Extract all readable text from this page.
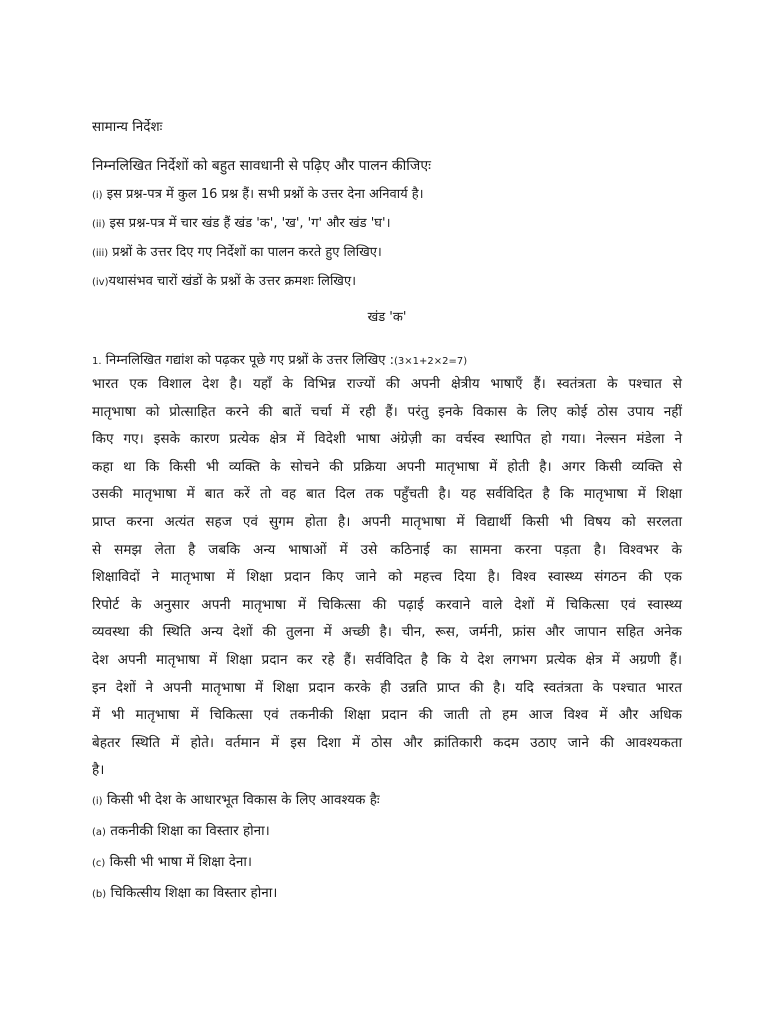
सामान्य निर्देशः
निम्नलिखित निर्देशों को बहुत सावधानी से पढ़िए और पालन कीजिएः
(i) इस प्रश्न-पत्र में कुल 16 प्रश्न हैं। सभी प्रश्नों के उत्तर देना अनिवार्य है।
(ii) इस प्रश्न-पत्र में चार खंड हैं खंड 'क', 'ख', 'ग' और खंड 'घ'।
(iii) प्रश्नों के उत्तर दिए गए निर्देशों का पालन करते हुए लिखिए।
(iv)यथासंभव चारों खंडों के प्रश्नों के उत्तर क्रमशः लिखिए।
खंड 'क'
1. निम्नलिखित गद्यांश को पढ़कर पूछे गए प्रश्नों के उत्तर लिखिए :(3×1+2×2=7)
भारत एक विशाल देश है। यहाँ के विभिन्न राज्यों की अपनी क्षेत्रीय भाषाएँ हैं। स्वतंत्रता के पश्चात से
मातृभाषा को प्रोत्साहित करने की बातें चर्चा में रही हैं। परंतु इनके विकास के लिए कोई ठोस उपाय नहीं
किए गए। इसके कारण प्रत्येक क्षेत्र में विदेशी भाषा अंग्रेज़ी का वर्चस्व स्थापित हो गया। नेल्सन मंडेला ने
कहा था कि किसी भी व्यक्ति के सोचने की प्रक्रिया अपनी मातृभाषा में होती है। अगर किसी व्यक्ति से
उसकी मातृभाषा में बात करें तो वह बात दिल तक पहुँचती है। यह सर्वविदित है कि मातृभाषा में शिक्षा
प्राप्त करना अत्यंत सहज एवं सुगम होता है। अपनी मातृभाषा में विद्यार्थी किसी भी विषय को सरलता
से समझ लेता है जबकि अन्य भाषाओं में उसे कठिनाई का सामना करना पड़ता है। विश्वभर के
शिक्षाविदों ने मातृभाषा में शिक्षा प्रदान किए जाने को महत्त्व दिया है। विश्व स्वास्थ्य संगठन की एक
रिपोर्ट के अनुसार अपनी मातृभाषा में चिकित्सा की पढ़ाई करवाने वाले देशों में चिकित्सा एवं स्वास्थ्य
व्यवस्था की स्थिति अन्य देशों की तुलना में अच्छी है। चीन, रूस, जर्मनी, फ्रांस और जापान सहित अनेक
देश अपनी मातृभाषा में शिक्षा प्रदान कर रहे हैं। सर्वविदित है कि ये देश लगभग प्रत्येक क्षेत्र में अग्रणी हैं।
इन देशों ने अपनी मातृभाषा में शिक्षा प्रदान करके ही उन्नति प्राप्त की है। यदि स्वतंत्रता के पश्चात भारत
में भी मातृभाषा में चिकित्सा एवं तकनीकी शिक्षा प्रदान की जाती तो हम आज विश्व में और अधिक
बेहतर स्थिति में होते। वर्तमान में इस दिशा में ठोस और क्रांतिकारी कदम उठाए जाने की आवश्यकता
है।
(i) किसी भी देश के आधारभूत विकास के लिए आवश्यक हैः
(a) तकनीकी शिक्षा का विस्तार होना।
(c) किसी भी भाषा में शिक्षा देना।
(b) चिकित्सीय शिक्षा का विस्तार होना।
